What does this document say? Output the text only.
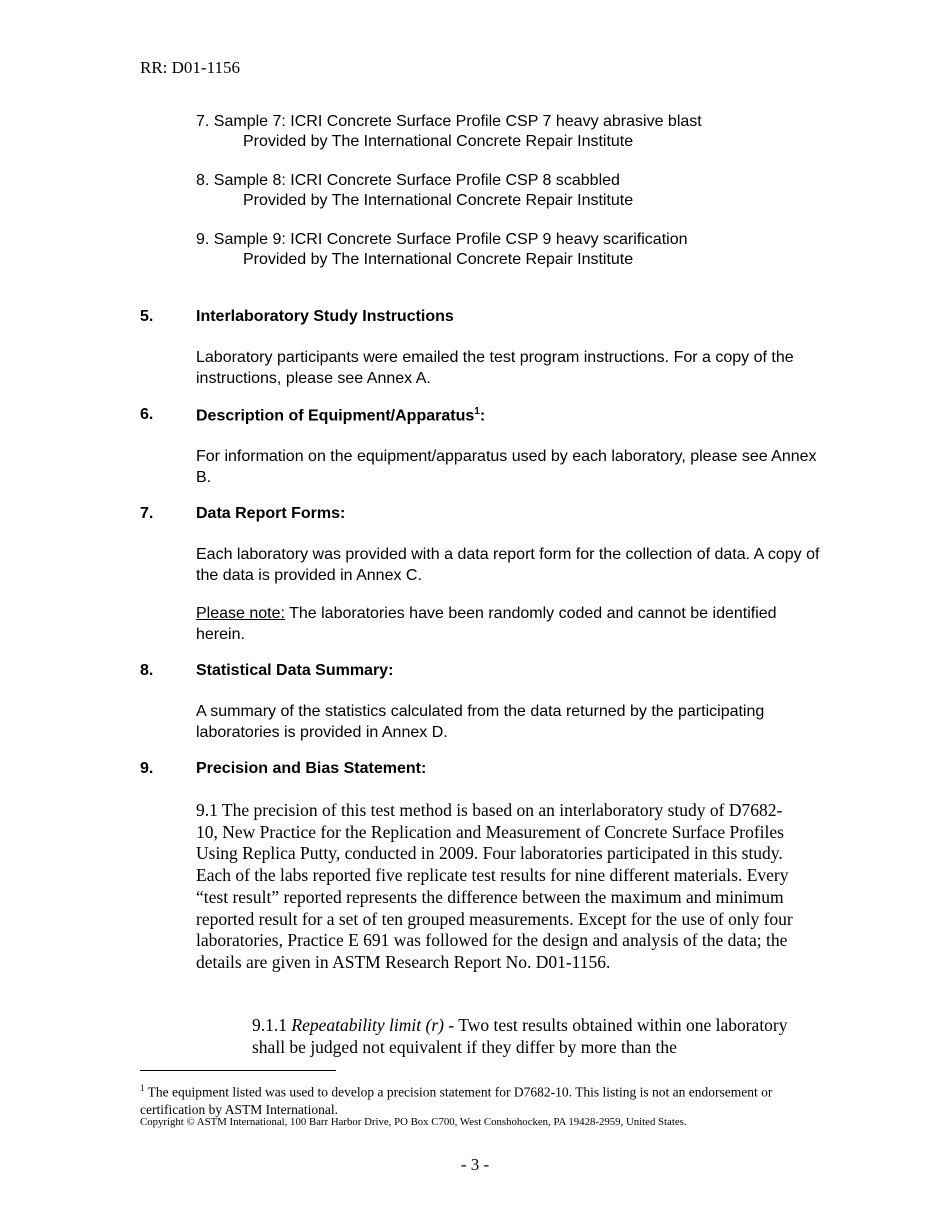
RR: D01-1156
7. Sample 7: ICRI Concrete Surface Profile CSP 7 heavy abrasive blast
Provided by The International Concrete Repair Institute
8. Sample 8: ICRI Concrete Surface Profile CSP 8 scabbled
Provided by The International Concrete Repair Institute
9. Sample 9: ICRI Concrete Surface Profile CSP 9 heavy scarification
Provided by The International Concrete Repair Institute
5.	Interlaboratory Study Instructions
Laboratory participants were emailed the test program instructions. For a copy of the instructions, please see Annex A.
6.	Description of Equipment/Apparatus$^1$:
For information on the equipment/apparatus used by each laboratory, please see Annex B.
7.	Data Report Forms:
Each laboratory was provided with a data report form for the collection of data. A copy of the data is provided in Annex C.
Please note: The laboratories have been randomly coded and cannot be identified herein.
8.	Statistical Data Summary:
A summary of the statistics calculated from the data returned by the participating laboratories is provided in Annex D.
9.	Precision and Bias Statement:
9.1 The precision of this test method is based on an interlaboratory study of D7682-10, New Practice for the Replication and Measurement of Concrete Surface Profiles Using Replica Putty, conducted in 2009. Four laboratories participated in this study. Each of the labs reported five replicate test results for nine different materials. Every “test result” reported represents the difference between the maximum and minimum reported result for a set of ten grouped measurements. Except for the use of only four laboratories, Practice E 691 was followed for the design and analysis of the data; the details are given in ASTM Research Report No. D01-1156.
9.1.1 Repeatability limit (r) - Two test results obtained within one laboratory shall be judged not equivalent if they differ by more than the
$^1$ The equipment listed was used to develop a precision statement for D7682-10. This listing is not an endorsement or certification by ASTM International.
Copyright © ASTM International, 100 Barr Harbor Drive, PO Box C700, West Conshohocken, PA 19428-2959, United States.
- 3 -
